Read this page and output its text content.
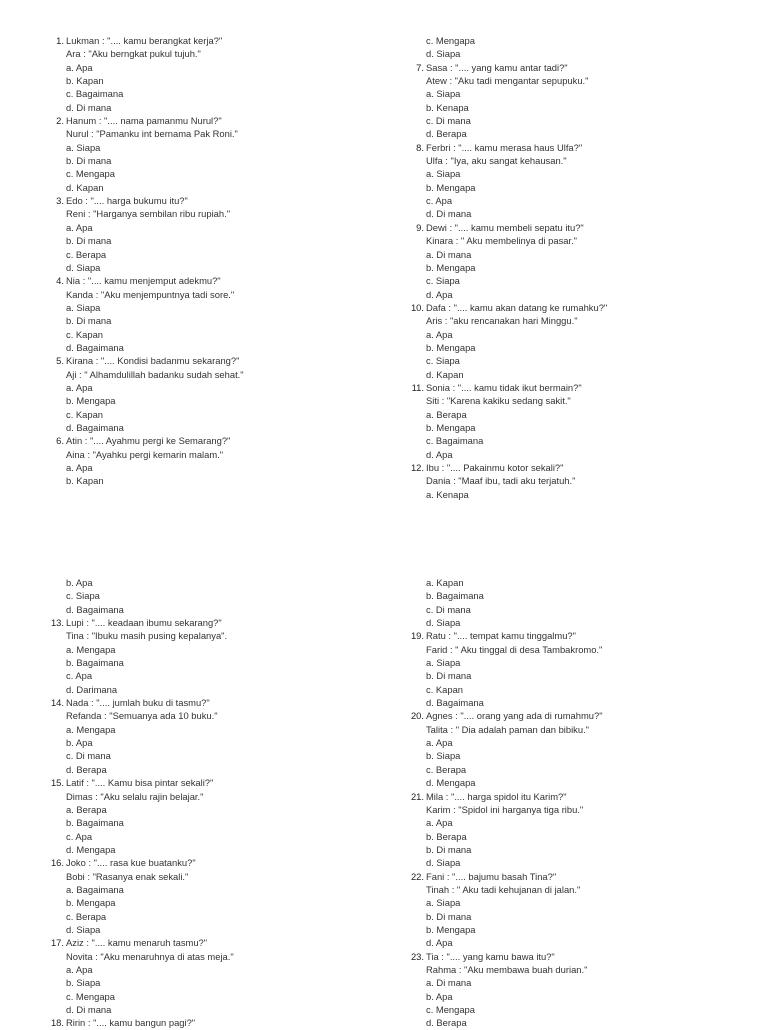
1. Lukman : ".... kamu berangkat kerja?"
Ara : "Aku berngkat pukul tujuh."
a. Apa
b. Kapan
c. Bagaimana
d. Di mana
2. Hanum : ".... nama pamanmu Nurul?"
Nurul : "Pamanku int bernama Pak Roni."
a. Siapa
b. Di mana
c. Mengapa
d. Kapan
3. Edo : ".... harga bukumu itu?"
Reni : "Harganya sembilan ribu rupiah."
a. Apa
b. Di mana
c. Berapa
d. Siapa
4. Nia : ".... kamu menjemput adekmu?"
Kanda : "Aku menjempuntnya tadi sore."
a. Siapa
b. Di mana
c. Kapan
d. Bagaimana
5. Kirana : ".... Kondisi badanmu sekarang?"
Aji : " Alhamdulillah badanku sudah sehat."
a. Apa
b. Mengapa
c. Kapan
d. Bagaimana
6. Atin : ".... Ayahmu pergi ke Semarang?"
Aina : "Ayahku pergi kemarin malam."
a. Apa
b. Kapan
c. Mengapa
d. Siapa
7. Sasa : ".... yang kamu antar tadi?"
Atew : "Aku tadi mengantar sepupuku."
a. Siapa
b. Kenapa
c. Di mana
d. Berapa
8. Ferbri : ".... kamu merasa haus Ulfa?"
Ulfa : "Iya, aku sangat kehausan."
a. Siapa
b. Mengapa
c. Apa
d. Di mana
9. Dewi : ".... kamu membeli sepatu itu?"
Kinara : " Aku membelinya di pasar."
a. Di mana
b. Mengapa
c. Siapa
d. Apa
10. Dafa : ".... kamu akan datang ke rumahku?"
Aris : "aku rencanakan hari Minggu."
a. Apa
b. Mengapa
c. Siapa
d. Kapan
11. Sonia : ".... kamu tidak ikut bermain?"
Siti : "Karena kakiku sedang sakit."
a. Berapa
b. Mengapa
c. Bagaimana
d. Apa
12. Ibu : ".... Pakainmu kotor sekali?"
Dania : "Maaf ibu, tadi aku terjatuh."
a. Kenapa
b. Apa
c. Siapa
d. Bagaimana
13. Lupi : ".... keadaan ibumu sekarang?"
Tina : "Ibuku masih pusing kepalanya".
a. Mengapa
b. Bagaimana
c. Apa
d. Darimana
14. Nada : ".... jumlah buku di tasmu?"
Refanda : "Semuanya ada 10 buku."
a. Mengapa
b. Apa
c. Di mana
d. Berapa
15. Latif : ".... Kamu bisa pintar sekali?"
Dimas : "Aku selalu rajin belajar."
a. Berapa
b. Bagaimana
c. Apa
d. Mengapa
16. Joko : ".... rasa kue buatanku?"
Bobi : "Rasanya enak sekali."
a. Bagaimana
b. Mengapa
c. Berapa
d. Siapa
17. Aziz : ".... kamu menaruh tasmu?"
Novita : "Aku menaruhnya di atas meja."
a. Apa
b. Siapa
c. Mengapa
d. Di mana
18. Ririn : ".... kamu bangun pagi?"
a. Kapan
b. Bagaimana
c. Di mana
d. Siapa
19. Ratu : ".... tempat kamu tinggalmu?"
Farid : " Aku tinggal di desa Tambakromo."
a. Siapa
b. Di mana
c. Kapan
d. Bagaimana
20. Agnes : ".... orang yang ada di rumahmu?"
Talita : " Dia adalah paman dan bibiku."
a. Apa
b. Siapa
c. Berapa
d. Mengapa
21. Mila : ".... harga spidol itu Karim?"
Karim : "Spidol ini harganya tiga ribu."
a. Apa
b. Berapa
b. Di mana
d. Siapa
22. Fani : ".... bajumu basah Tina?"
Tinah : " Aku tadi kehujanan di jalan."
a. Siapa
b. Di mana
b. Mengapa
d. Apa
23. Tia : ".... yang kamu bawa itu?"
Rahma : "Aku membawa buah durian."
a. Di mana
b. Apa
c. Mengapa
d. Berapa
